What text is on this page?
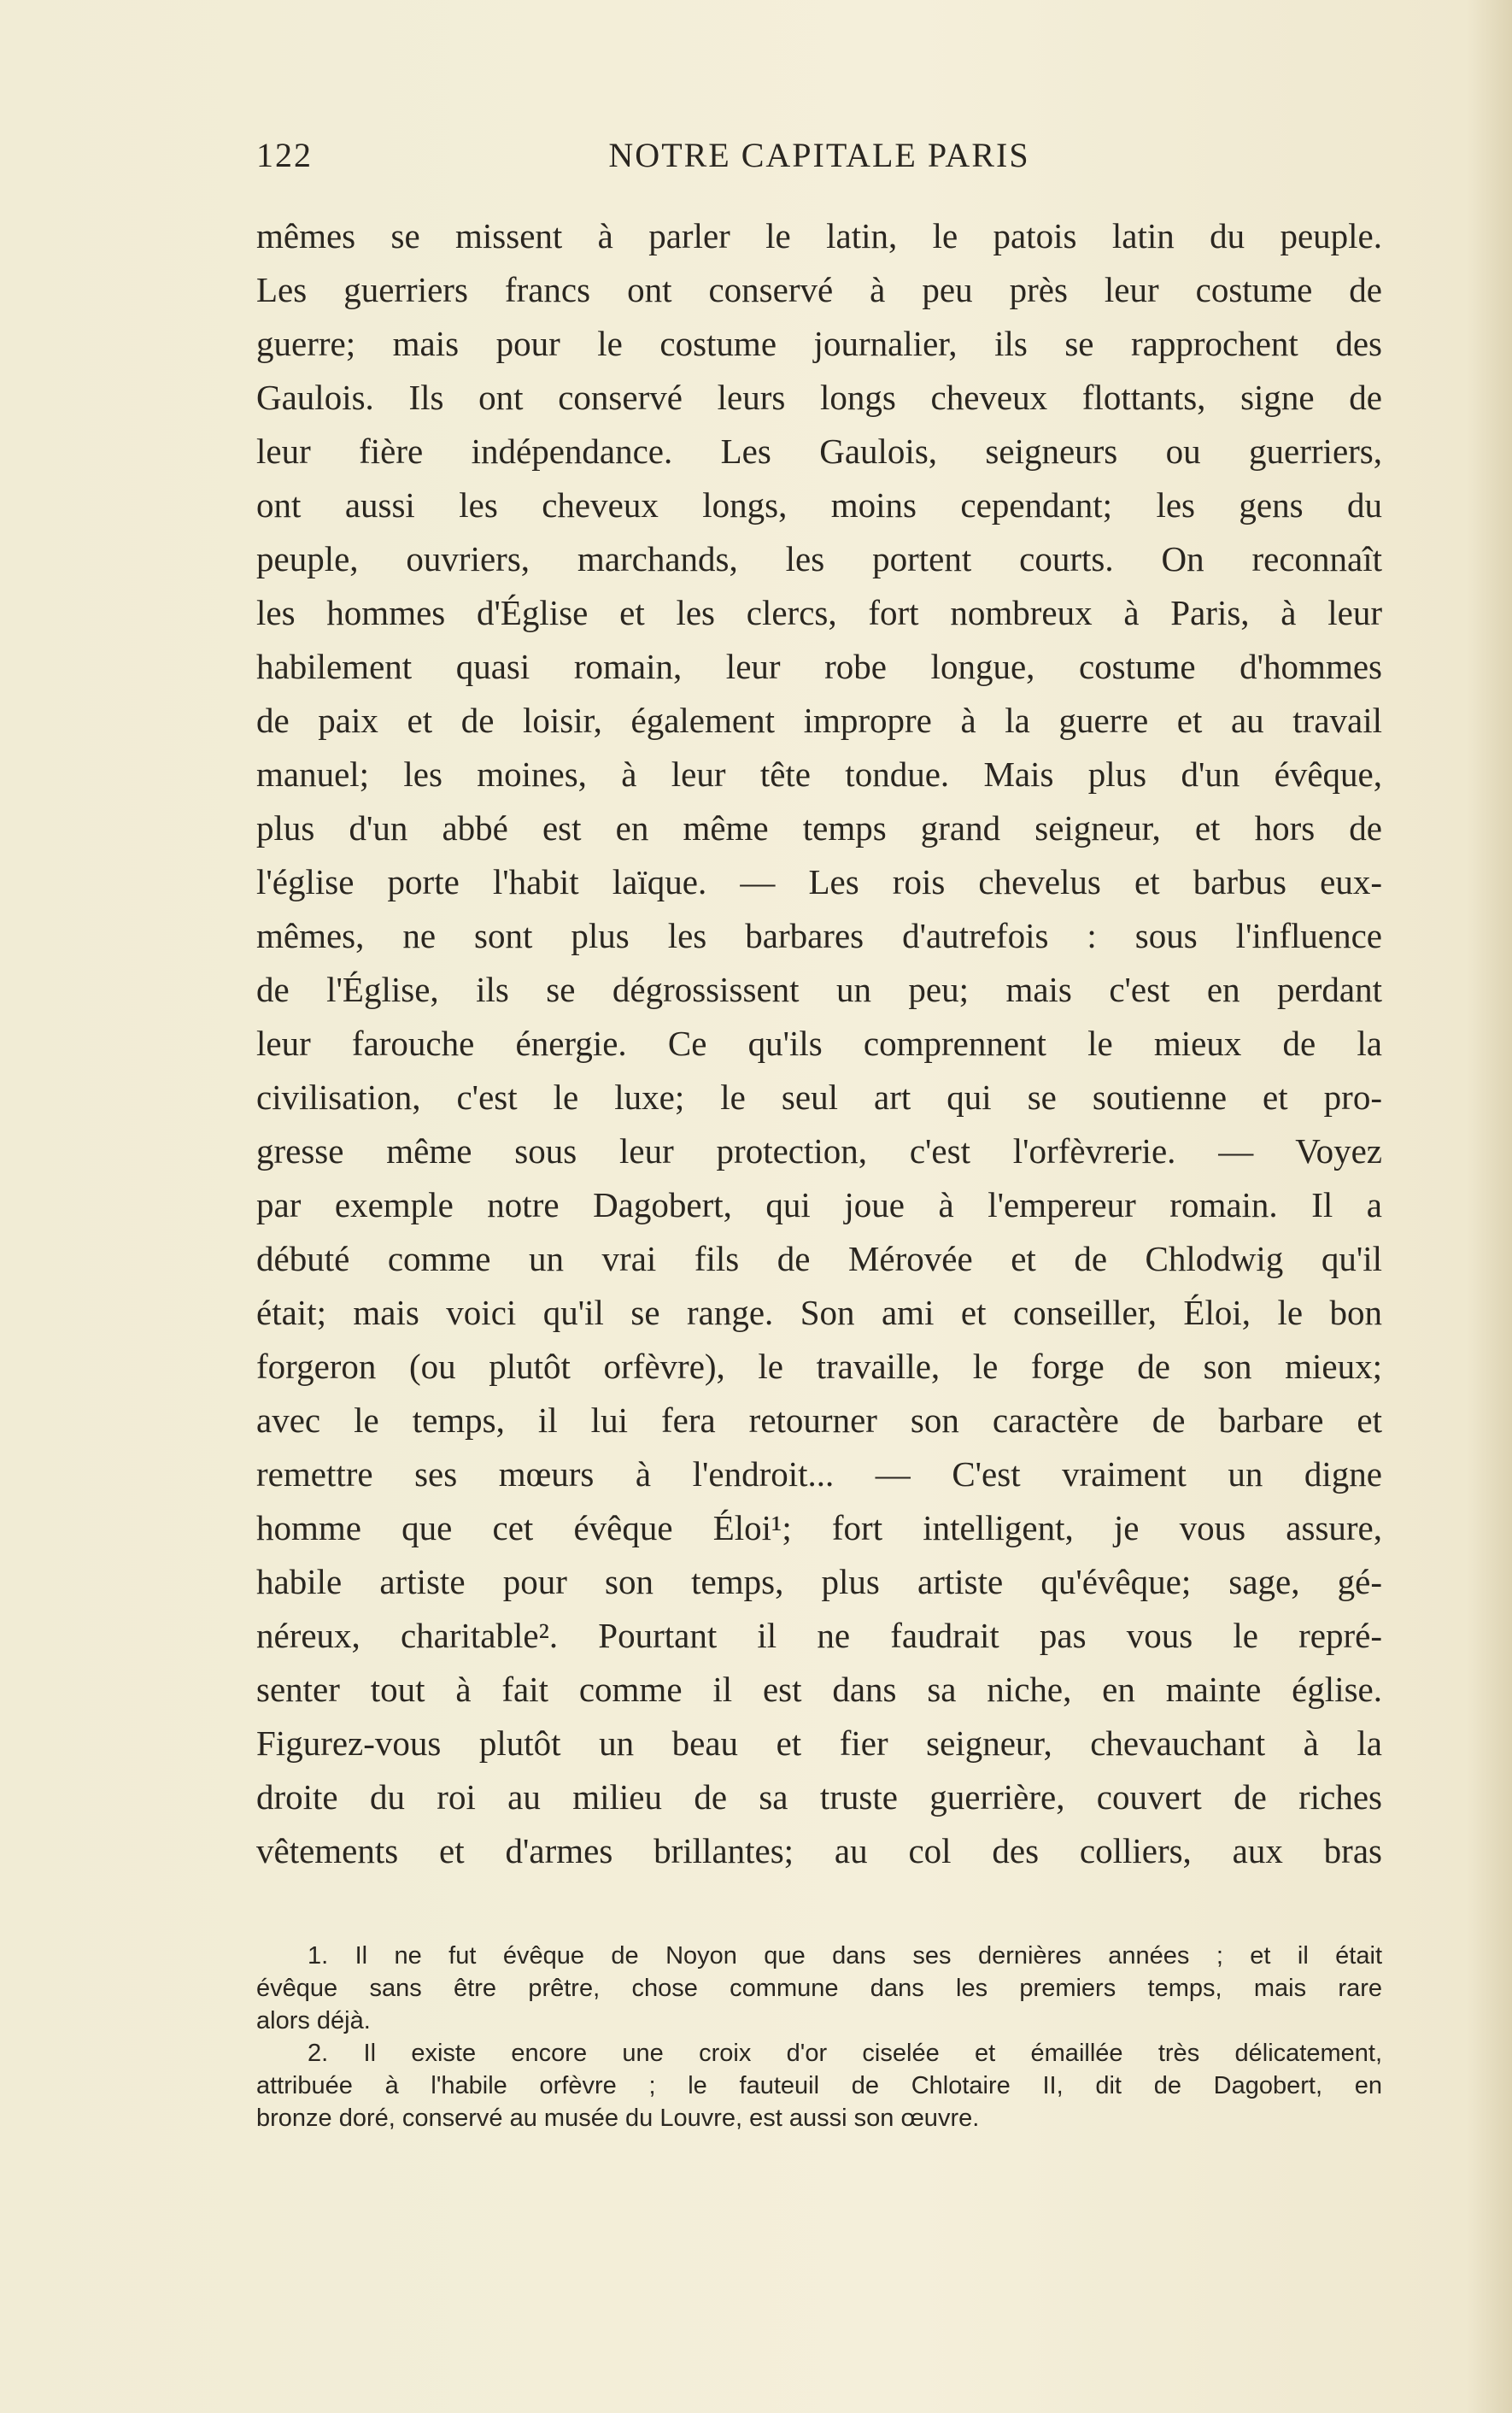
122	NOTRE CAPITALE PARIS
mêmes se missent à parler le latin, le patois latin du peuple.
Les guerriers francs ont conservé à peu près leur costume de
guerre; mais pour le costume journalier, ils se rapprochent des
Gaulois. Ils ont conservé leurs longs cheveux flottants, signe de
leur fière indépendance. Les Gaulois, seigneurs ou guerriers,
ont aussi les cheveux longs, moins cependant; les gens du
peuple, ouvriers, marchands, les portent courts. On reconnaît
les hommes d'Église et les clercs, fort nombreux à Paris, à leur
habilement quasi romain, leur robe longue, costume d'hommes
de paix et de loisir, également impropre à la guerre et au travail
manuel; les moines, à leur tête tondue. Mais plus d'un évêque,
plus d'un abbé est en même temps grand seigneur, et hors de
l'église porte l'habit laïque. — Les rois chevelus et barbus eux-
mêmes, ne sont plus les barbares d'autrefois : sous l'influence
de l'Église, ils se dégrossissent un peu; mais c'est en perdant
leur farouche énergie. Ce qu'ils comprennent le mieux de la
civilisation, c'est le luxe; le seul art qui se soutienne et pro-
gresse même sous leur protection, c'est l'orfèvrerie. — Voyez
par exemple notre Dagobert, qui joue à l'empereur romain. Il a
débuté comme un vrai fils de Mérovée et de Chlodwig qu'il
était; mais voici qu'il se range. Son ami et conseiller, Éloi, le bon
forgeron (ou plutôt orfèvre), le travaille, le forge de son mieux;
avec le temps, il lui fera retourner son caractère de barbare et
remettre ses mœurs à l'endroit... — C'est vraiment un digne
homme que cet évêque Éloi¹; fort intelligent, je vous assure,
habile artiste pour son temps, plus artiste qu'évêque; sage, gé-
néreux, charitable². Pourtant il ne faudrait pas vous le repré-
senter tout à fait comme il est dans sa niche, en mainte église.
Figurez-vous plutôt un beau et fier seigneur, chevauchant à la
droite du roi au milieu de sa truste guerrière, couvert de riches
vêtements et d'armes brillantes; au col des colliers, aux bras
1. Il ne fut évêque de Noyon que dans ses dernières années ; et il était
évêque sans être prêtre, chose commune dans les premiers temps, mais rare
alors déjà.
2. Il existe encore une croix d'or ciselée et émaillée très délicatement,
attribuée à l'habile orfèvre ; le fauteuil de Chlotaire II, dit de Dagobert, en
bronze doré, conservé au musée du Louvre, est aussi son œuvre.
